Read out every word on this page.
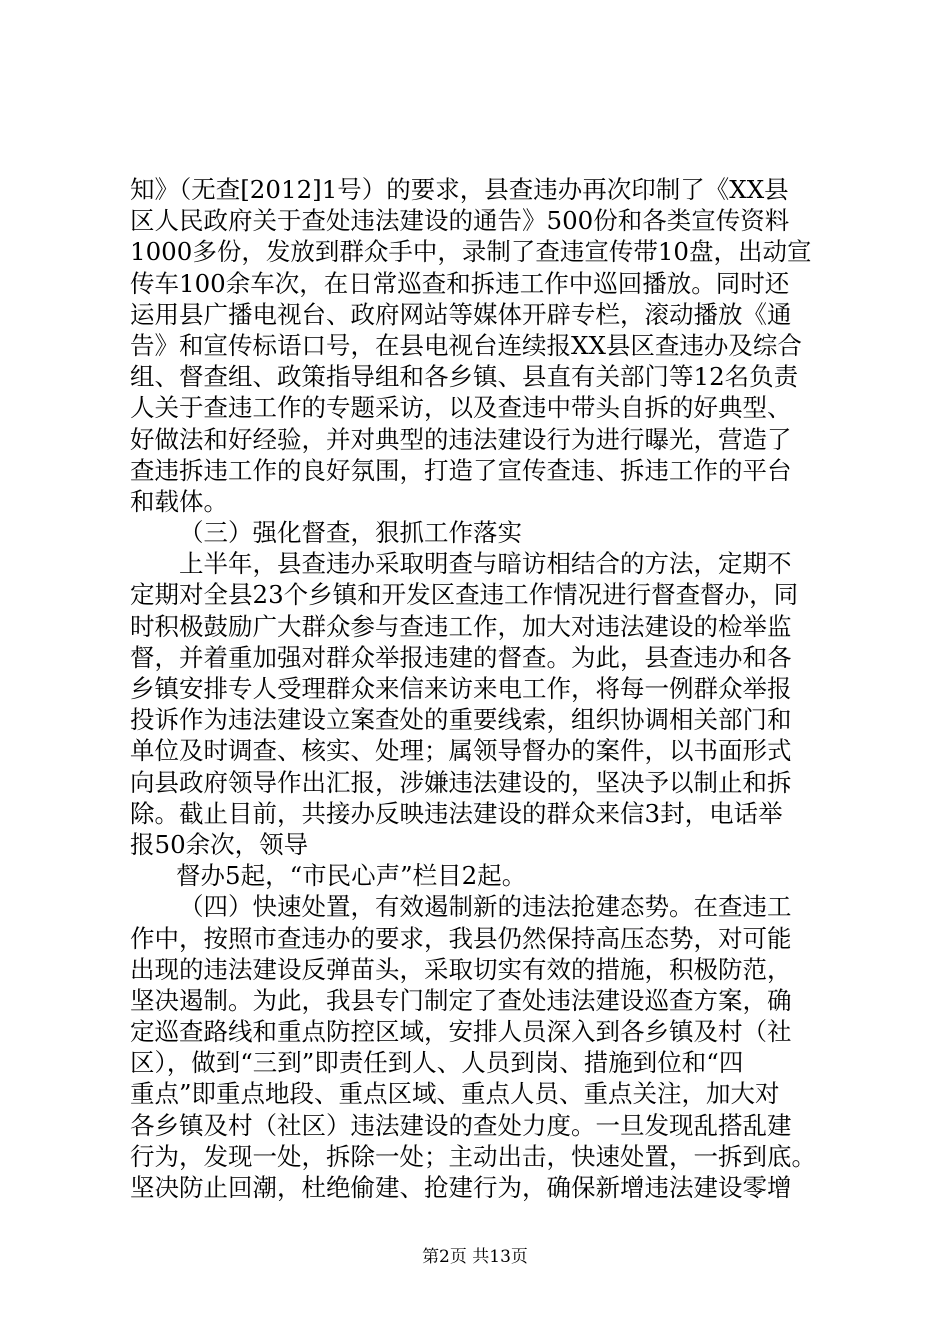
知》（无查[2012]1号）的要求，县查违办再次印制了《XX县
区人民政府关于查处违法建设的通告》500份和各类宣传资料
1000多份，发放到群众手中，录制了查违宣传带10盘，出动宣
传车100余车次，在日常巡查和拆违工作中巡回播放。同时还
运用县广播电视台、政府网站等媒体开辟专栏，滚动播放《通
告》和宣传标语口号，在县电视台连续报XX县区查违办及综合
组、督查组、政策指导组和各乡镇、县直有关部门等12名负责
人关于查违工作的专题采访，以及查违中带头自拆的好典型、
好做法和好经验，并对典型的违法建设行为进行曝光，营造了
查违拆违工作的良好氛围，打造了宣传查违、拆违工作的平台
和载体。
（三）强化督查，狠抓工作落实
上半年，县查违办采取明查与暗访相结合的方法，定期不
定期对全县23个乡镇和开发区查违工作情况进行督查督办，同
时积极鼓励广大群众参与查违工作，加大对违法建设的检举监
督，并着重加强对群众举报违建的督查。为此，县查违办和各
乡镇安排专人受理群众来信来访来电工作，将每一例群众举报
投诉作为违法建设立案查处的重要线索，组织协调相关部门和
单位及时调查、核实、处理；属领导督办的案件，以书面形式
向县政府领导作出汇报，涉嫌违法建设的，坚决予以制止和拆
除。截止目前，共接办反映违法建设的群众来信3封，电话举
报50余次，领导
督办5起，“市民心声”栏目2起。
（四）快速处置，有效遏制新的违法抢建态势。在查违工
作中，按照市查违办的要求，我县仍然保持高压态势，对可能
出现的违法建设反弹苗头，采取切实有效的措施，积极防范，
坚决遏制。为此，我县专门制定了查处违法建设巡查方案，确
定巡查路线和重点防控区域，安排人员深入到各乡镇及村（社
区），做到“三到”即责任到人、人员到岗、措施到位和“四
重点”即重点地段、重点区域、重点人员、重点关注，加大对
各乡镇及村（社区）违法建设的查处力度。一旦发现乱搭乱建
行为，发现一处，拆除一处；主动出击，快速处置，一拆到底。
坚决防止回潮，杜绝偷建、抢建行为，确保新增违法建设零增
第2页 共13页
